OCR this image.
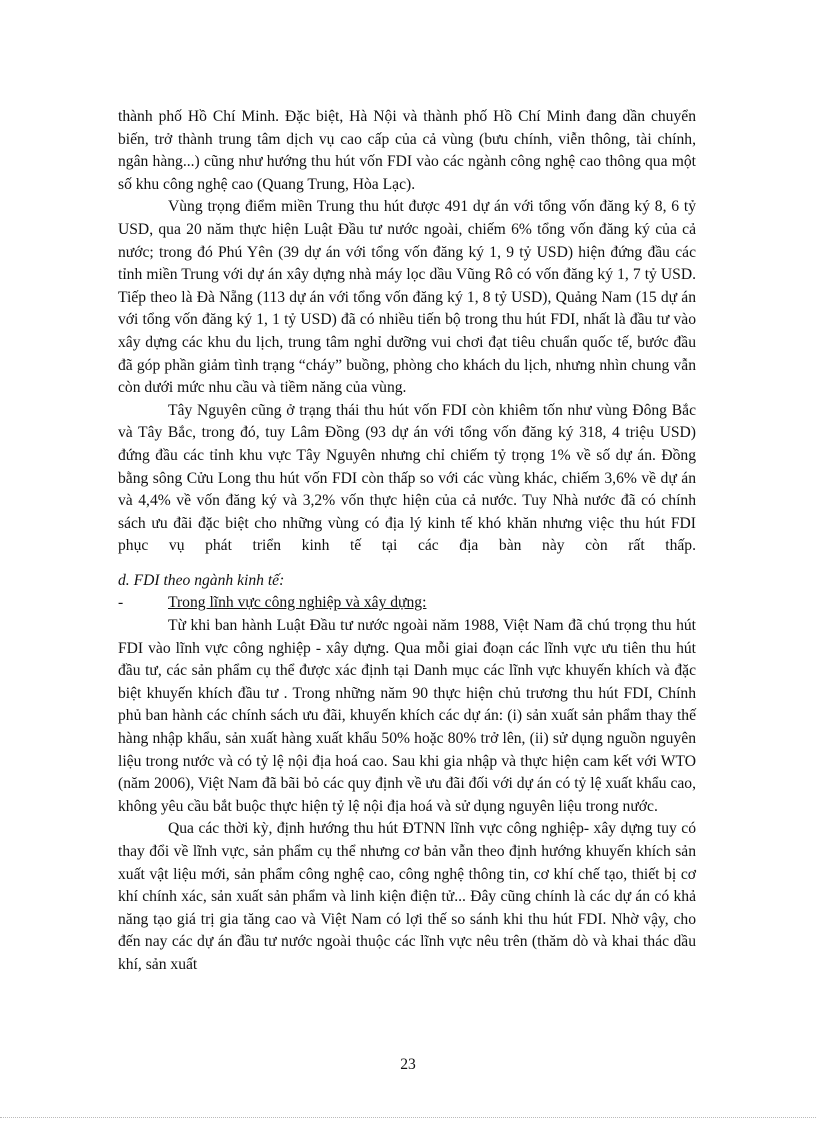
thành phố Hồ Chí Minh. Đặc biệt, Hà Nội và thành phố Hồ Chí Minh đang dần chuyển biến, trở thành trung tâm dịch vụ cao cấp của cả vùng (bưu chính, viễn thông, tài chính, ngân hàng...) cũng như hướng thu hút vốn FDI vào các ngành công nghệ cao thông qua một số khu công nghệ cao (Quang Trung, Hòa Lạc).

Vùng trọng điểm miền Trung thu hút được 491 dự án với tổng vốn đăng ký 8, 6 tỷ USD, qua 20 năm thực hiện Luật Đầu tư nước ngoài, chiếm 6% tổng vốn đăng ký của cả nước; trong đó Phú Yên (39 dự án với tổng vốn đăng ký 1, 9 tỷ USD) hiện đứng đầu các tỉnh miền Trung với dự án xây dựng nhà máy lọc dầu Vũng Rô có vốn đăng ký 1, 7 tỷ USD. Tiếp theo là Đà Nẵng (113 dự án với tổng vốn đăng ký 1, 8 tỷ USD), Quảng Nam (15 dự án với tổng vốn đăng ký 1, 1 tỷ USD) đã có nhiều tiến bộ trong thu hút FDI, nhất là đầu tư vào xây dựng các khu du lịch, trung tâm nghỉ dưỡng vui chơi đạt tiêu chuẩn quốc tế, bước đầu đã góp phần giảm tình trạng “cháy” buồng, phòng cho khách du lịch, nhưng nhìn chung vẫn còn dưới mức nhu cầu và tiềm năng của vùng.

Tây Nguyên cũng ở trạng thái thu hút vốn FDI còn khiêm tốn như vùng Đông Bắc và Tây Bắc, trong đó, tuy Lâm Đồng (93 dự án với tổng vốn đăng ký 318, 4 triệu USD) đứng đầu các tỉnh khu vực Tây Nguyên nhưng chỉ chiếm tỷ trọng 1% về số dự án. Đồng bằng sông Cửu Long thu hút vốn FDI còn thấp so với các vùng khác, chiếm 3,6% về dự án và 4,4% về vốn đăng ký và 3,2% vốn thực hiện của cả nước. Tuy Nhà nước đã có chính sách ưu đãi đặc biệt cho những vùng có địa lý kinh tế khó khăn nhưng việc thu hút FDI phục vụ phát triển kinh tế tại các địa bàn này còn rất thấp.

d. FDI theo ngành kinh tế:

-	Trong lĩnh vực công nghiệp và xây dựng:

Từ khi ban hành Luật Đầu tư nước ngoài năm 1988, Việt Nam đã chú trọng thu hút FDI vào lĩnh vực công nghiệp - xây dựng. Qua mỗi giai đoạn các lĩnh vực ưu tiên thu hút đầu tư, các sản phẩm cụ thể được xác định tại Danh mục các lĩnh vực khuyến khích và đặc biệt khuyến khích đầu tư . Trong những năm 90 thực hiện chủ trương thu hút FDI, Chính phủ ban hành các chính sách ưu đãi, khuyến khích các dự án: (i) sản xuất sản phẩm thay thế hàng nhập khẩu, sản xuất hàng xuất khẩu 50% hoặc 80% trở lên, (ii) sử dụng nguồn nguyên liệu trong nước và có tỷ lệ nội địa hoá cao. Sau khi gia nhập và thực hiện cam kết với WTO (năm 2006), Việt Nam đã bãi bỏ các quy định về ưu đãi đối với dự án có tỷ lệ xuất khẩu cao, không yêu cầu bắt buộc thực hiện tỷ lệ nội địa hoá và sử dụng nguyên liệu trong nước.

Qua các thời kỳ, định hướng thu hút ĐTNN lĩnh vực công nghiệp- xây dựng tuy có thay đổi về lĩnh vực, sản phẩm cụ thể nhưng cơ bản vẫn theo định hướng khuyến khích sản xuất vật liệu mới, sản phẩm công nghệ cao, công nghệ thông tin, cơ khí chế tạo, thiết bị cơ khí chính xác, sản xuất sản phẩm và linh kiện điện tử... Đây cũng chính là các dự án có khả năng tạo giá trị gia tăng cao và Việt Nam có lợi thế so sánh khi thu hút FDI. Nhờ vậy, cho đến nay các dự án đầu tư nước ngoài thuộc các lĩnh vực nêu trên (thăm dò và khai thác dầu khí, sản xuất

23
